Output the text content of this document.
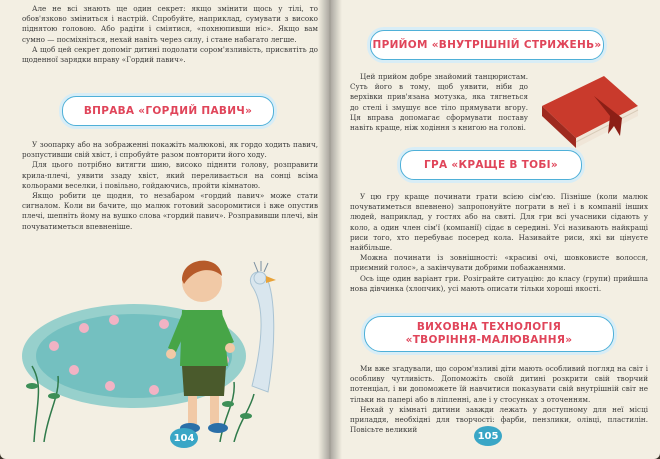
Але не всі знають ще один секрет: якщо змінити щось у тілі, то обов'язково зміниться і настрій. Спробуйте, наприклад, сумувати з високо піднятою головою. Або радіти і сміятися, «похнюпивши ніс». Якщо вам сумно — посміхніться, нехай навіть через силу, і стане набагато легше.

А щоб цей секрет допоміг дитині подолати сором'язливість, присвятіть до щоденної зарядки вправу «Гордий павич».

ВПРАВА «ГОРДИЙ ПАВИЧ»

У зоопарку або на зображенні покажіть малюкові, як гордо ходить павич, розпустивши свій хвіст, і спробуйте разом повторити його ходу.

Для цього потрібно витягти шию, високо підняти голову, розправити крила-плечі, уявити ззаду хвіст, який переливається на сонці всіма кольорами веселки, і повільно, гойдаючись, пройти кімнатою.

Якщо робити це щодня, то незабаром «гордий павич» може стати сигналом. Коли ви бачите, що малюк готовий засоромитися і вже опустив плечі, шепніть йому на вушко слова «гордий павич». Розправивши плечі, він почуватиметься впевненіше.

104
ПРИЙОМ «ВНУТРІШНІЙ СТРИЖЕНЬ»

Цей прийом добре знайомий танцюристам. Суть його в тому, щоб уявити, ніби до верхівки прив'язана мотузка, яка тягнеться до стелі і змушує все тіло прямувати вгору. Ця вправа допомагає сформувати поставу навіть краще, ніж ходіння з книгою на голові.

ГРА «КРАЩЕ В ТОБІ»

У цю гру краще починати грати всією сім'єю. Пізніше (коли малюк почуватиметься впевнено) запропонуйте пограти в неї і в компанії інших людей, наприклад, у гостях або на святі. Для гри всі учасники сідають у коло, а один член сім'ї (компанії) сідає в середині. Усі називають найкращі риси того, хто перебуває посеред кола. Називайте риси, які ви цінуєте найбільше.

Можна починати із зовнішності: «красиві очі, шовковисте волосся, приємний голос», а закінчувати добрими побажаннями.

Ось іще один варіант гри. Розіграйте ситуацію: до класу (групи) прийшла нова дівчинка (хлопчик), усі мають описати тільки хороші якості.

ВИХОВНА ТЕХНОЛОГІЯ
«ТВОРІННЯ-МАЛЮВАННЯ»

Ми вже згадували, що сором'язливі діти мають особливий погляд на світ і особливу чутливість. Допоможіть своїй дитині розкрити свій творчий потенціал, і ви допоможете їй навчитися показувати свій внутрішній світ не тільки на папері або в ліпленні, але і у стосунках з оточенням.

Нехай у кімнаті дитини завжди лежать у доступному для неї місці приладдя, необхідні для творчості: фарби, пензлики, олівці, пластилін. Повісьте великий

105
